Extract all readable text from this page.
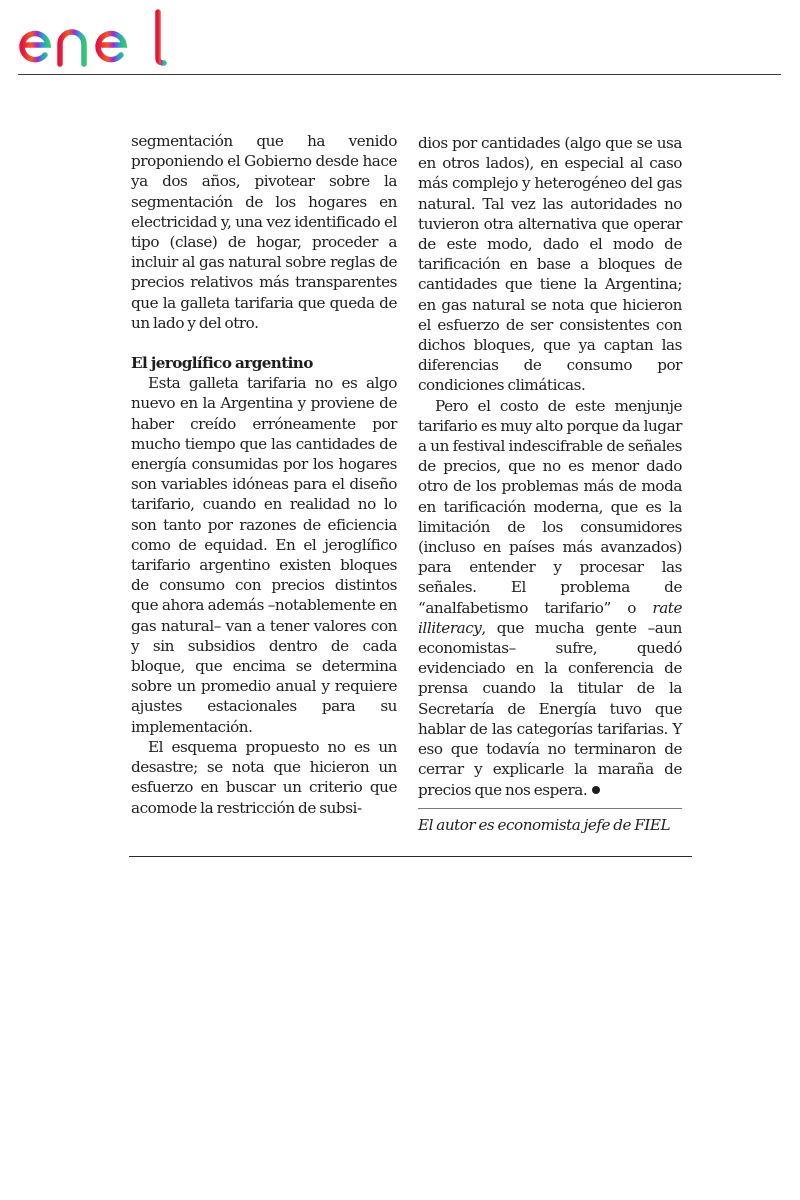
segmentación que ha venido proponiendo el Gobierno desde hace ya dos años, pivotear sobre la segmentación de los hogares en electricidad y, una vez identificado el tipo (clase) de hogar, proceder a incluir al gas natural sobre reglas de precios relativos más transparentes que la galleta tarifaria que queda de un lado y del otro.

El jeroglífico argentino

Esta galleta tarifaria no es algo nuevo en la Argentina y proviene de haber creído erróneamente por mucho tiempo que las cantidades de energía consumidas por los hogares son variables idóneas para el diseño tarifario, cuando en realidad no lo son tanto por razones de eficiencia como de equidad. En el jeroglífico tarifario argentino existen bloques de consumo con precios distintos que ahora además –notablemente en gas natural– van a tener valores con y sin subsidios dentro de cada bloque, que encima se determina sobre un promedio anual y requiere ajustes estacionales para su implementación.

El esquema propuesto no es un desastre; se nota que hicieron un esfuerzo en buscar un criterio que acomode la restricción de subsi-

dios por cantidades (algo que se usa en otros lados), en especial al caso más complejo y heterogéneo del gas natural. Tal vez las autoridades no tuvieron otra alternativa que operar de este modo, dado el modo de tarificación en base a bloques de cantidades que tiene la Argentina; en gas natural se nota que hicieron el esfuerzo de ser consistentes con dichos bloques, que ya captan las diferencias de consumo por condiciones climáticas.

Pero el costo de este menjunje tarifario es muy alto porque da lugar a un festival indescifrable de señales de precios, que no es menor dado otro de los problemas más de moda en tarificación moderna, que es la limitación de los consumidores (incluso en países más avanzados) para entender y procesar las señales. El problema de “analfabetismo tarifario” o rate illiteracy, que mucha gente –aun economistas– sufre, quedó evidenciado en la conferencia de prensa cuando la titular de la Secretaría de Energía tuvo que hablar de las categorías tarifarias. Y eso que todavía no terminaron de cerrar y explicarle la maraña de precios que nos espera.

El autor es economista jefe de FIEL
